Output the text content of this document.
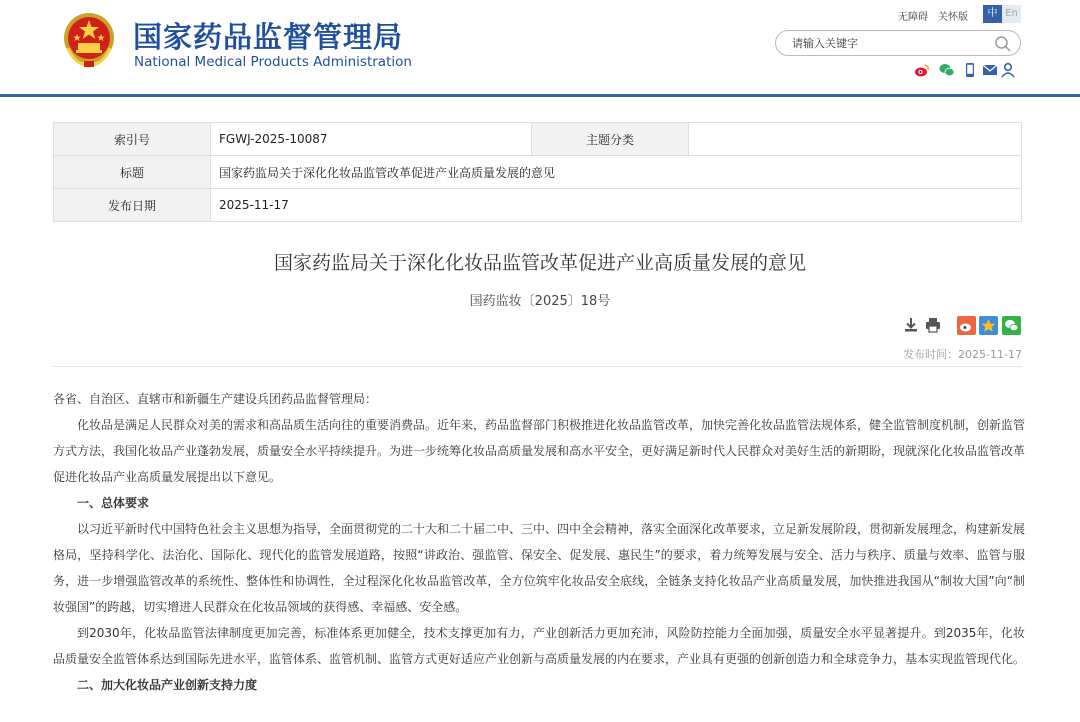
国家药品监督管理局
National Medical Products Administration
无障碍 关怀版	中 En
请输入关键字
索引号	FGWJ-2025-10087	主题分类	
标题	国家药监局关于深化化妆品监管改革促进产业高质量发展的意见		
发布日期	2025-11-17		
国家药监局关于深化化妆品监管改革促进产业高质量发展的意见
国药监妆〔2025〕18号
发布时间：2025-11-17

各省、自治区、直辖市和新疆生产建设兵团药品监督管理局：

化妆品是满足人民群众对美的需求和高品质生活向往的重要消费品。近年来，药品监督部门积极推进化妆品监管改革，加快完善化妆品监管法规体系，健全监管制度机制，创新监管方式方法，我国化妆品产业蓬勃发展，质量安全水平持续提升。为进一步统筹化妆品高质量发展和高水平安全，更好满足新时代人民群众对美好生活的新期盼，现就深化化妆品监管改革促进化妆品产业高质量发展提出以下意见。

一、总体要求

以习近平新时代中国特色社会主义思想为指导，全面贯彻党的二十大和二十届二中、三中、四中全会精神，落实全面深化改革要求，立足新发展阶段，贯彻新发展理念，构建新发展格局，坚持科学化、法治化、国际化、现代化的监管发展道路，按照“讲政治、强监管、保安全、促发展、惠民生”的要求，着力统筹发展与安全、活力与秩序、质量与效率、监管与服务，进一步增强监管改革的系统性、整体性和协调性，全过程深化化妆品监管改革，全方位筑牢化妆品安全底线，全链条支持化妆品产业高质量发展，加快推进我国从“制妆大国”向“制妆强国”的跨越，切实增进人民群众在化妆品领域的获得感、幸福感、安全感。

到2030年，化妆品监管法律制度更加完善，标准体系更加健全，技术支撑更加有力，产业创新活力更加充沛，风险防控能力全面加强，质量安全水平显著提升。到2035年，化妆品质量安全监管体系达到国际先进水平，监管体系、监管机制、监管方式更好适应产业创新与高质量发展的内在要求，产业具有更强的创新创造力和全球竞争力，基本实现监管现代化。

二、加大化妆品产业创新支持力度
